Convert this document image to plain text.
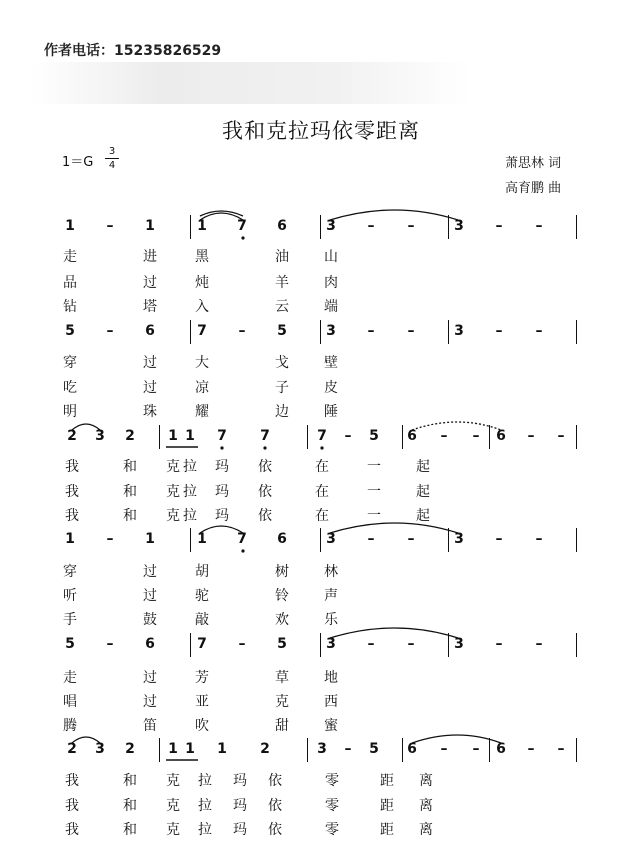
作者电话：15235826529
我和克拉玛依零距离
1＝G
3
4	萧思林 词
高育鹏 曲
1 – 1	1 7 6	3 – –	3 – –
5 – 6	7 – 5	3 – –	3 – –
2 3 2 1 1 7 7	7 – 5 6 – – 6 – –
1 – 1	1 7 6	3 – –	3 – –
5 – 6	7 – 5	3 – –	3 – –
2 3 2 1 1 1 2	3 – 5 6 – – 6 – –
走	进	黑	油	山
品	过	炖	羊	肉
钻	塔	入	云	端
穿	过	大	戈	壁
吃	过	凉	子	皮
明	珠	耀	边	陲
我	和 克 拉 玛 依	在	一	起
我	和 克 拉 玛 依	在	一	起
我	和 克 拉 玛 依	在	一	起
穿	过	胡	树	林
听	过	驼	铃	声
手	鼓	敲	欢	乐
走	过	芳	草	地
唱	过	亚	克	西
腾	笛	吹	甜	蜜
我	和 克 拉 玛 依	零	距 离
我	和 克 拉 玛 依	零	距 离
我	和 克 拉 玛 依	零	距 离
